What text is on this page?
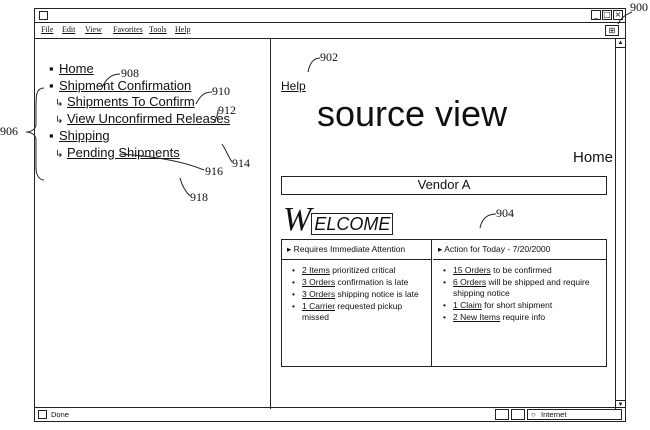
_ □ ×
File Edit View Favorites Tools Help	⊞
▪ Home
▪ Shipment Confirmation
↳ Shipments To Confirm
↳ View Unconfirmed Releases
▪ Shipping
↳ Pending Shipments
Help
source view
Home
Vendor A
WELCOME
▸ Requires Immediate Attention
• 2 Items prioritized critical
• 3 Orders confirmation is late
• 3 Orders shipping notice is late
• 1 Carrier requested pickup missed
▸ Action for Today - 7/20/2000
• 15 Orders to be confirmed
• 6 Orders will be shipped and require shipping notice
• 1 Claim for short shipment
• 2 New Items require info
▲
▼
Done	○ Internet
900
902
904
906
908
910
912
914
916
918
